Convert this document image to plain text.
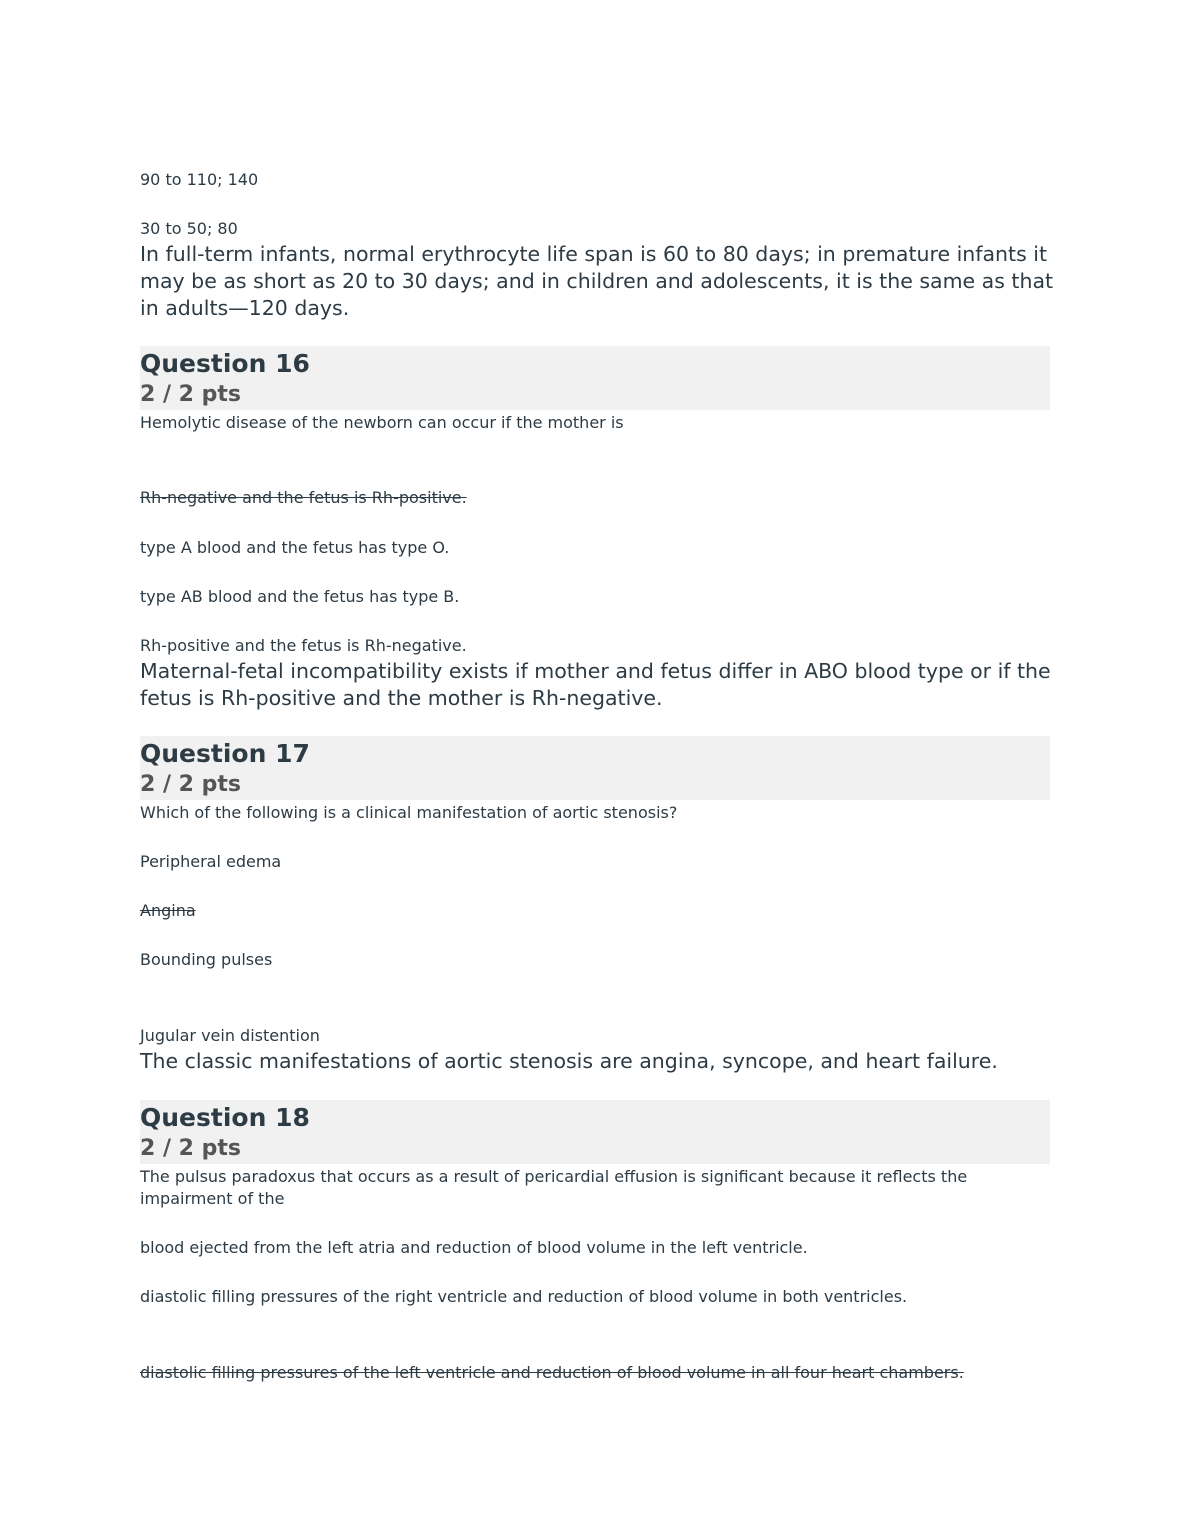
90 to 110; 140
30 to 50; 80
In full-term infants, normal erythrocyte life span is 60 to 80 days; in premature infants it may be as short as 20 to 30 days; and in children and adolescents, it is the same as that in adults—120 days.
Question 16
2 / 2 pts
Hemolytic disease of the newborn can occur if the mother is
Rh-negative and the fetus is Rh-positive.
type A blood and the fetus has type O.
type AB blood and the fetus has type B.
Rh-positive and the fetus is Rh-negative.
Maternal-fetal incompatibility exists if mother and fetus differ in ABO blood type or if the fetus is Rh-positive and the mother is Rh-negative.
Question 17
2 / 2 pts
Which of the following is a clinical manifestation of aortic stenosis?
Peripheral edema
Angina
Bounding pulses
Jugular vein distention
The classic manifestations of aortic stenosis are angina, syncope, and heart failure.
Question 18
2 / 2 pts
The pulsus paradoxus that occurs as a result of pericardial effusion is significant because it reflects the impairment of the
blood ejected from the left atria and reduction of blood volume in the left ventricle.
diastolic filling pressures of the right ventricle and reduction of blood volume in both ventricles.
diastolic filling pressures of the left ventricle and reduction of blood volume in all four heart chambers.
